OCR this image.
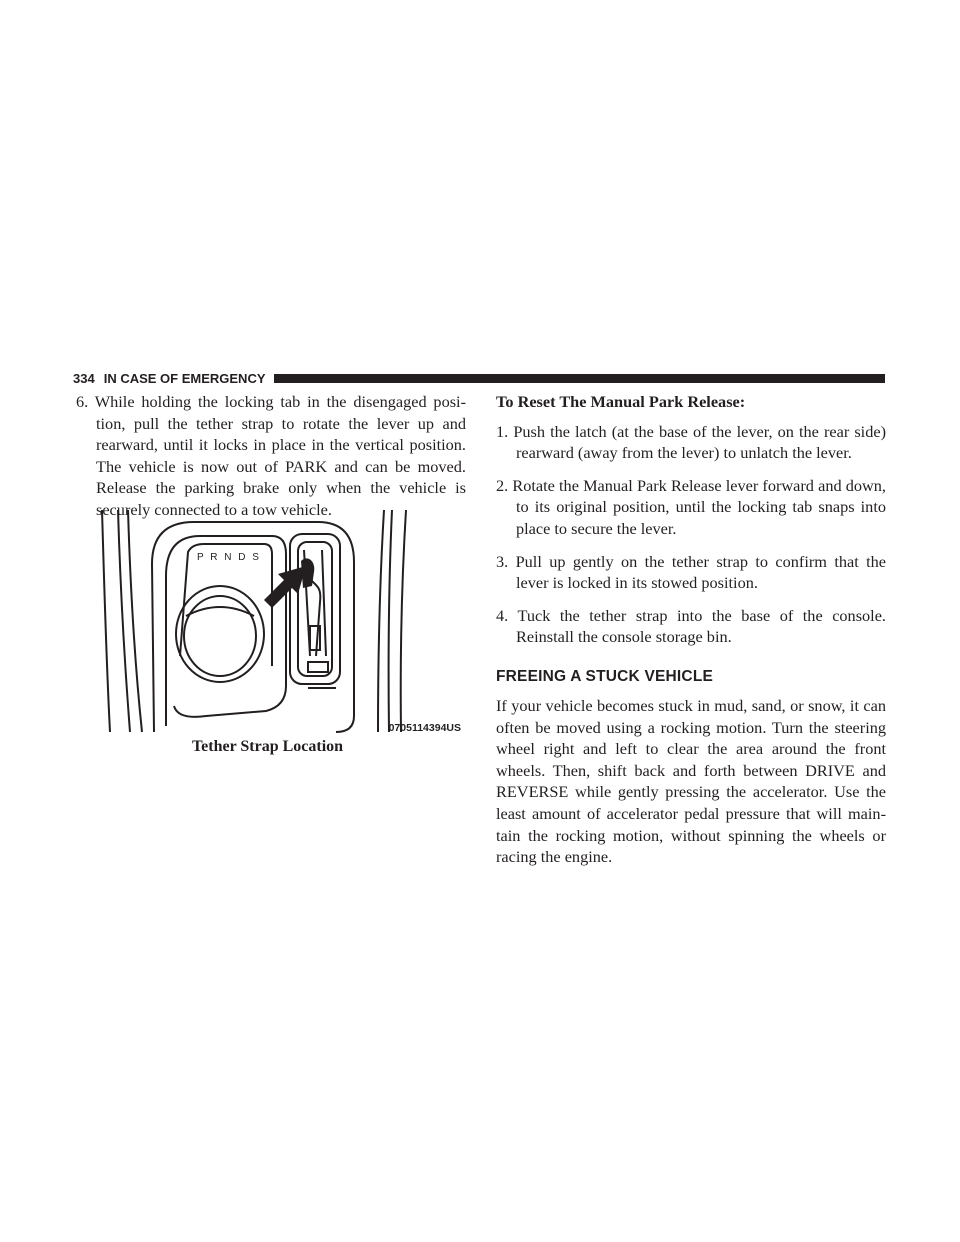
334 IN CASE OF EMERGENCY

6. While holding the locking tab in the disengaged posi-tion, pull the tether strap to rotate the lever up and rearward, until it locks in place in the vertical position. The vehicle is now out of PARK and can be moved. Release the parking brake only when the vehicle is securely connected to a tow vehicle.

P R N D S
0705114394US
Tether Strap Location

To Reset The Manual Park Release:

1. Push the latch (at the base of the lever, on the rear side) rearward (away from the lever) to unlatch the lever.

2. Rotate the Manual Park Release lever forward and down, to its original position, until the locking tab snaps into place to secure the lever.

3. Pull up gently on the tether strap to confirm that the lever is locked in its stowed position.

4. Tuck the tether strap into the base of the console. Reinstall the console storage bin.

FREEING A STUCK VEHICLE

If your vehicle becomes stuck in mud, sand, or snow, it can often be moved using a rocking motion. Turn the steering wheel right and left to clear the area around the front wheels. Then, shift back and forth between DRIVE and REVERSE while gently pressing the accelerator. Use the least amount of accelerator pedal pressure that will main-tain the rocking motion, without spinning the wheels or racing the engine.
